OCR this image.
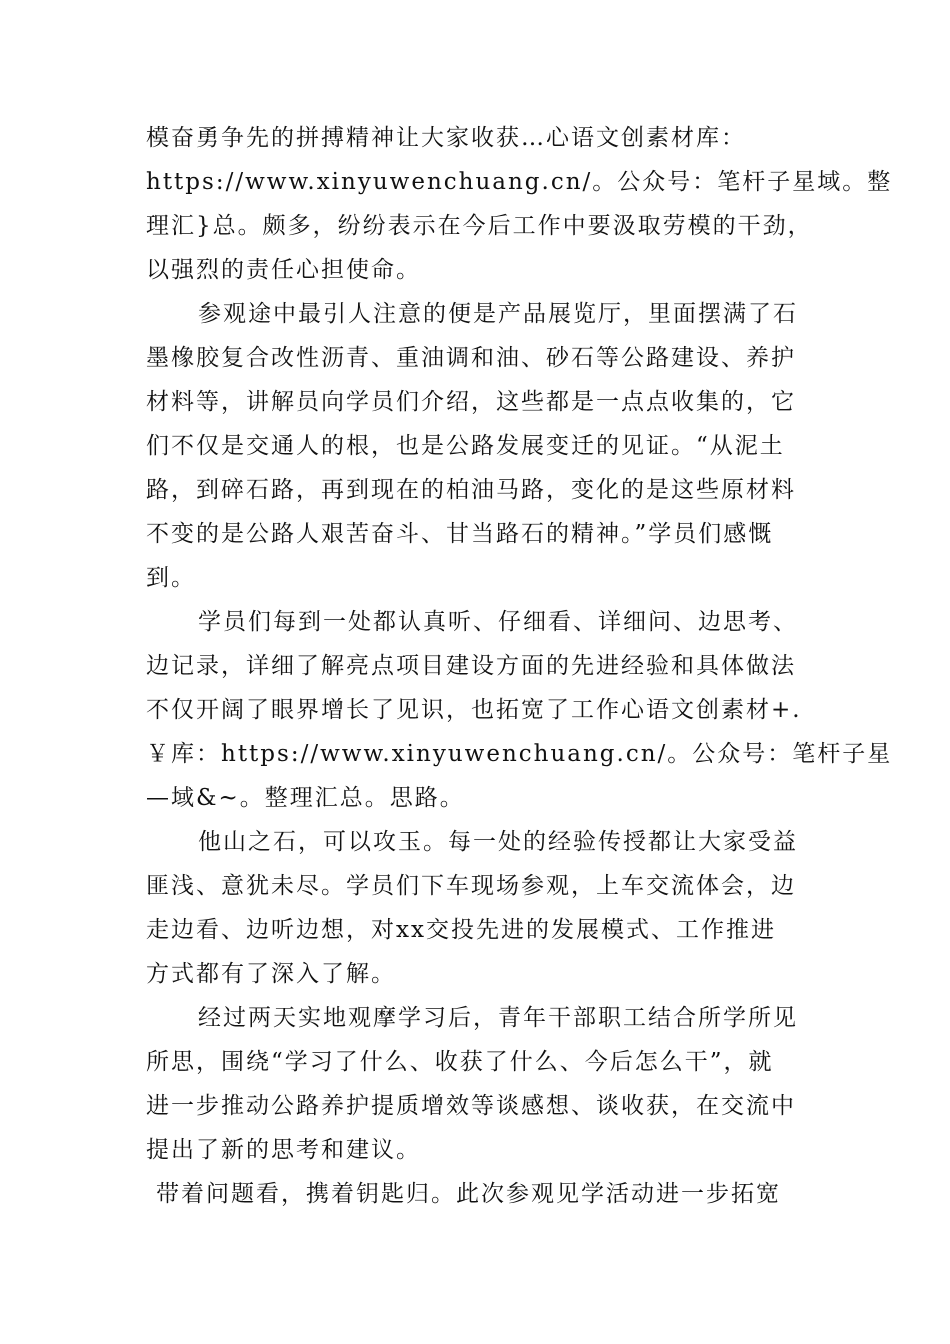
模奋勇争先的拼搏精神让大家收获…心语文创素材库：
https://www.xinyuwenchuang.cn/。公众号：笔杆子星域。整
理汇}总。颇多，纷纷表示在今后工作中要汲取劳模的干劲，
以强烈的责任心担使命。
参观途中最引人注意的便是产品展览厅，里面摆满了石
墨橡胶复合改性沥青、重油调和油、砂石等公路建设、养护
材料等，讲解员向学员们介绍，这些都是一点点收集的，它
们不仅是交通人的根，也是公路发展变迁的见证。“从泥土
路，到碎石路，再到现在的柏油马路，变化的是这些原材料
不变的是公路人艰苦奋斗、甘当路石的精神。”学员们感慨
到。
学员们每到一处都认真听、仔细看、详细问、边思考、
边记录，详细了解亮点项目建设方面的先进经验和具体做法
不仅开阔了眼界增长了见识，也拓宽了工作心语文创素材+.
￥库：https://www.xinyuwenchuang.cn/。公众号：笔杆子星
—域&~。整理汇总。思路。
他山之石，可以攻玉。每一处的经验传授都让大家受益
匪浅、意犹未尽。学员们下车现场参观，上车交流体会，边
走边看、边听边想，对xx交投先进的发展模式、工作推进
方式都有了深入了解。
经过两天实地观摩学习后，青年干部职工结合所学所见
所思，围绕“学习了什么、收获了什么、今后怎么干”，就
进一步推动公路养护提质增效等谈感想、谈收获，在交流中
提出了新的思考和建议。
带着问题看，携着钥匙归。此次参观见学活动进一步拓宽
